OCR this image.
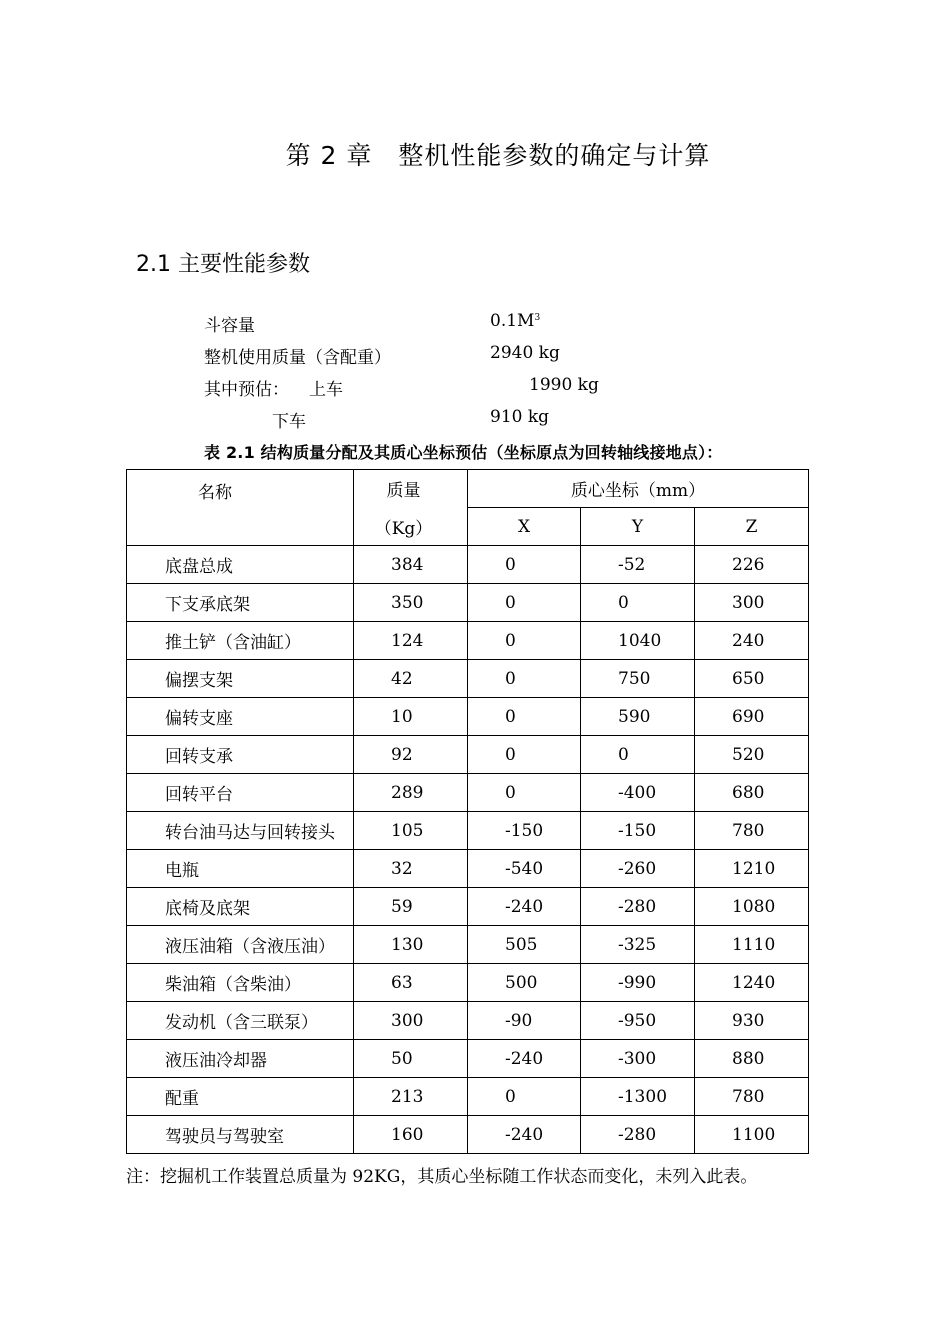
第 2 章　整机性能参数的确定与计算
2.1 主要性能参数
斗容量	$0.1M^3$
整机使用质量（含配重）	2940 kg
其中预估： 上车	1990 kg
下车	910 kg
表 2.1 结构质量分配及其质心坐标预估（坐标原点为回转轴线接地点）：
名称	质量	质心坐标（mm）		
	（Kg）	X	Y	Z
底盘总成	384	0	-52	226
下支承底架	350	0	0	300
推土铲（含油缸）	124	0	1040	240
偏摆支架	42	0	750	650
偏转支座	10	0	590	690
回转支承	92	0	0	520
回转平台	289	0	-400	680
转台油马达与回转接头	105	-150	-150	780
电瓶	32	-540	-260	1210
底椅及底架	59	-240	-280	1080
液压油箱（含液压油）	130	505	-325	1110
柴油箱（含柴油）	63	500	-990	1240
发动机（含三联泵）	300	-90	-950	930
液压油冷却器	50	-240	-300	880
配重	213	0	-1300	780
驾驶员与驾驶室	160	-240	-280	1100
注：挖掘机工作装置总质量为 92KG，其质心坐标随工作状态而变化，未列入此表。
